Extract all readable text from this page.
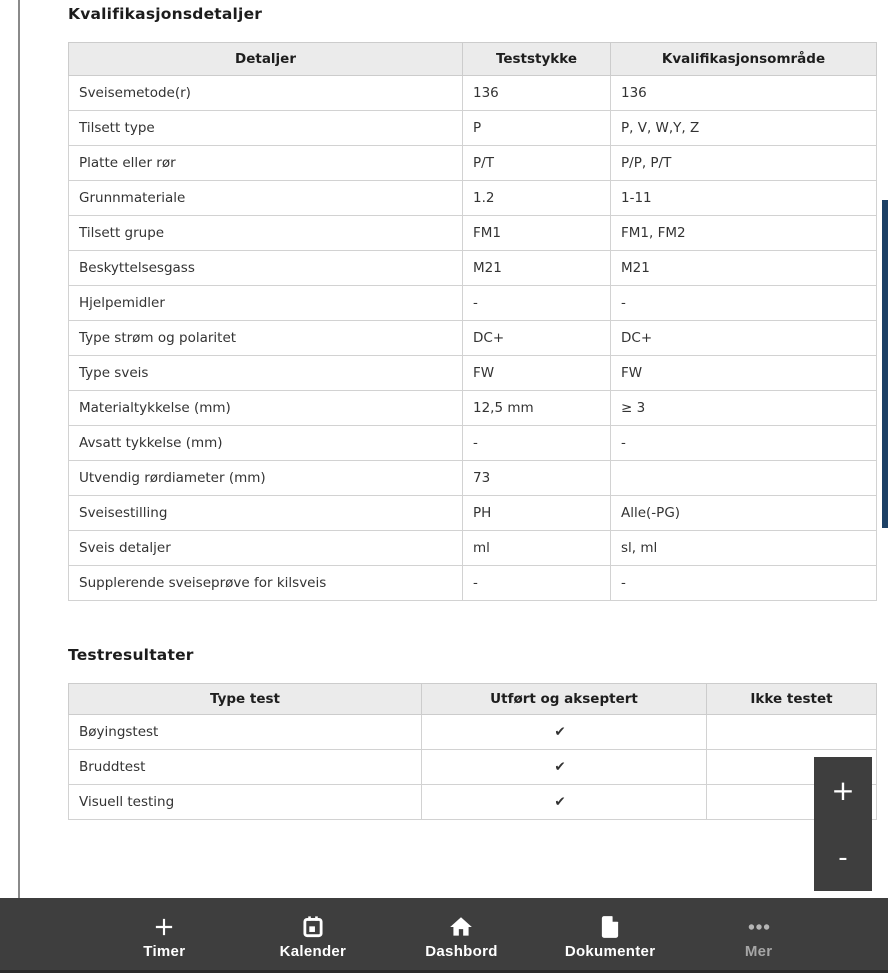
Kvalifikasjonsdetaljer
Detaljer	Teststykke	Kvalifikasjonsområde
Sveisemetode(r)	136	136
Tilsett type	P	P, V, W,Y, Z
Platte eller rør	P/T	P/P, P/T
Grunnmateriale	1.2	1-11
Tilsett grupe	FM1	FM1, FM2
Beskyttelsesgass	M21	M21
Hjelpemidler	-	-
Type strøm og polaritet	DC+	DC+
Type sveis	FW	FW
Materialtykkelse (mm)	12,5 mm	≥ 3
Avsatt tykkelse (mm)	-	-
Utvendig rørdiameter (mm)	73	
Sveisestilling	PH	Alle(-PG)
Sveis detaljer	ml	sl, ml
Supplerende sveiseprøve for kilsveis	-	-
Testresultater
Type test	Utført og akseptert	Ikke testet
Bøyingstest	✔	
Bruddtest	✔	
Visuell testing	✔		+
-
Timer	Kalender	Dashbord	Dokumenter	Mer
